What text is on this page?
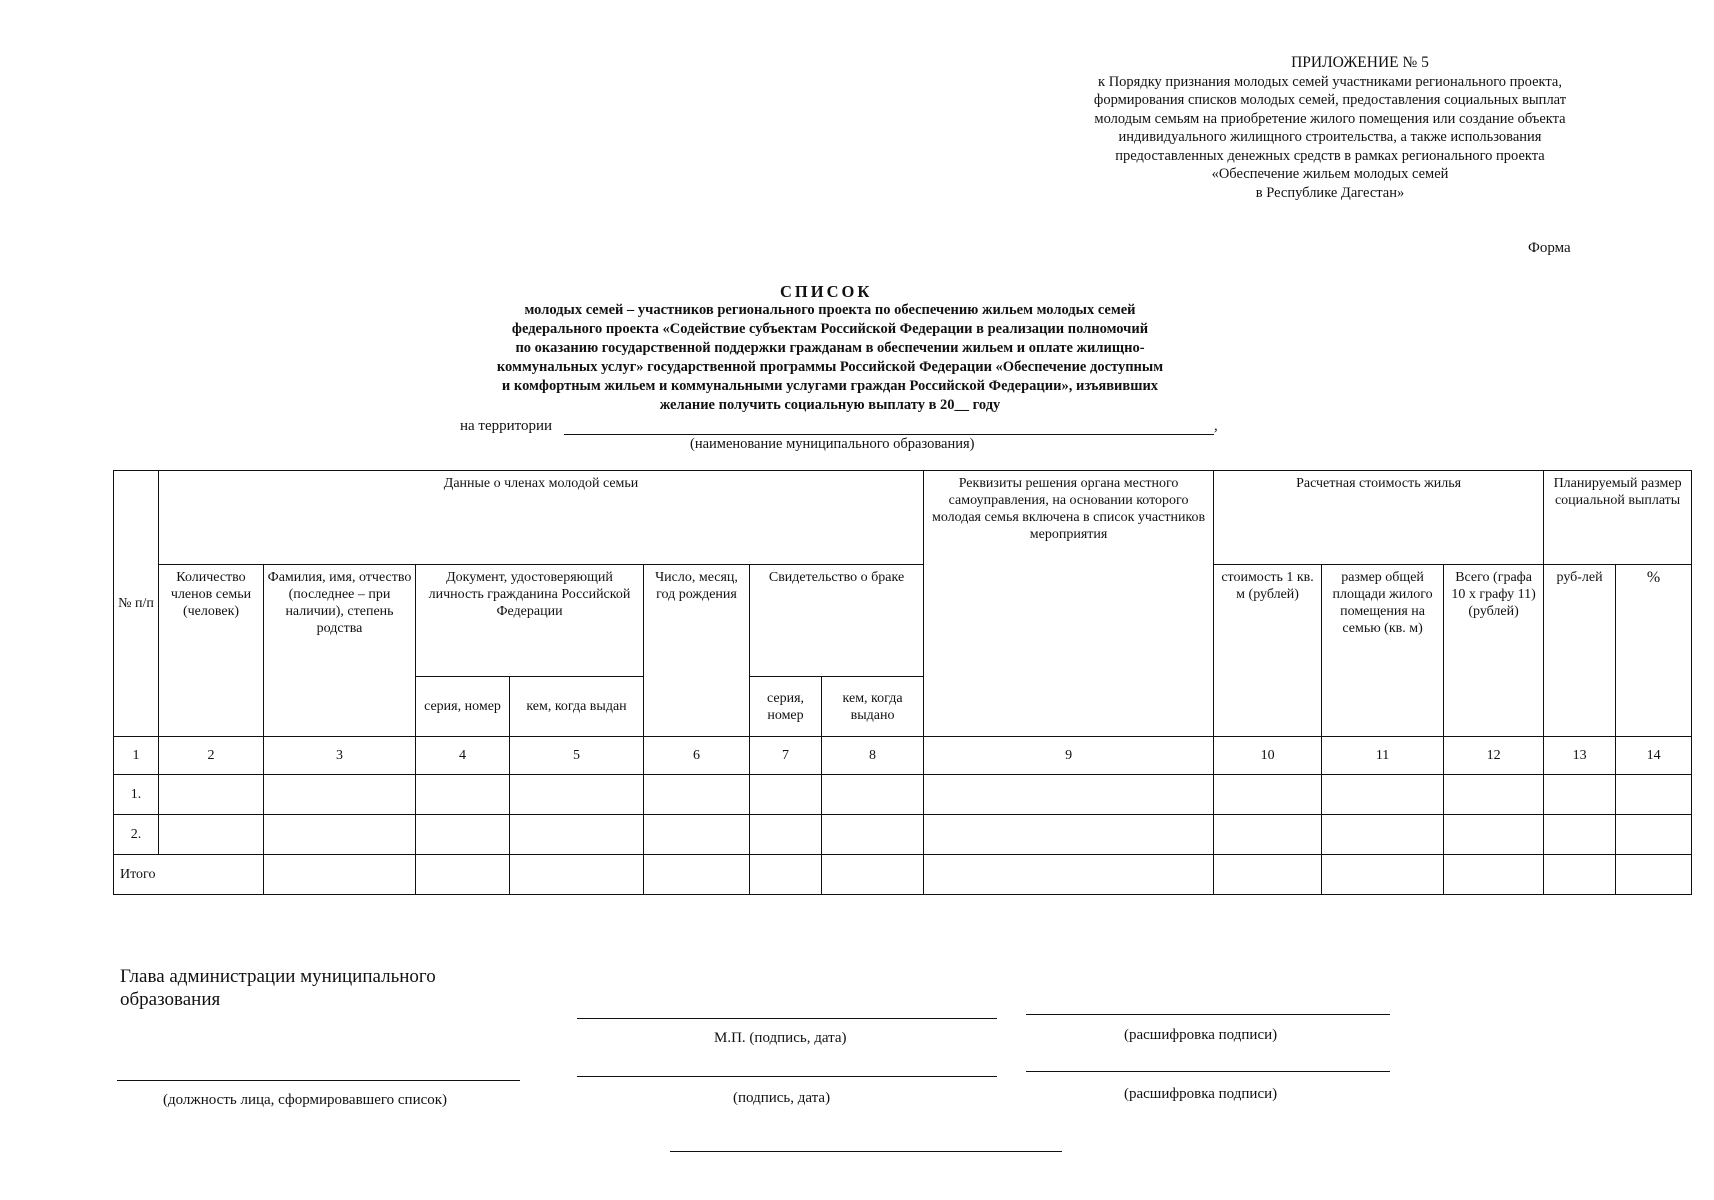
ПРИЛОЖЕНИЕ № 5
к Порядку признания молодых семей участниками регионального проекта,
формирования списков молодых семей, предоставления социальных выплат
молодым семьям на приобретение жилого помещения или создание объекта
индивидуального жилищного строительства, а также использования
предоставленных денежных средств в рамках регионального проекта
«Обеспечение жильем молодых семей
в Республике Дагестан»
Форма
СПИСОК
молодых семей – участников регионального проекта по обеспечению жильем молодых семей
федерального проекта «Содействие субъектам Российской Федерации в реализации полномочий
по оказанию государственной поддержки гражданам в обеспечении жильем и оплате жилищно-
коммунальных услуг» государственной программы Российской Федерации «Обеспечение доступным
и комфортным жильем и коммунальными услугами граждан Российской Федерации», изъявивших
желание получить социальную выплату в 20__ году
на территории	,
(наименование муниципального образования)
№ п/п	Данные о членах молодой семьи							Реквизиты решения органа местного самоуправления, на основании которого молодая семья включена в список участников мероприятия	Расчетная стоимость жилья			Планируемый размер социальной выплаты	
	Количество членов семьи (человек)	Фамилия, имя, отчество (последнее – при наличии), степень родства	Документ, удостоверяющий личность гражданина Российской Федерации		Число, месяц, год рождения	Свидетельство о браке			стоимость 1 кв. м (рублей)	размер общей площади жилого помещения на семью (кв. м)	Всего (графа 10 х графу 11) (рублей)	руб-лей	%
			серия, номер	кем, когда выдан		серия, номер	кем, когда выдано						
1	2	3	4	5	6	7	8	9	10	11	12	13	14
1.													
2.													
Итого													
Глава администрации муниципального образования
М.П. (подпись, дата)	(расшифровка подписи)
(должность лица, сформировавшего список)	(подпись, дата)	(расшифровка подписи)
